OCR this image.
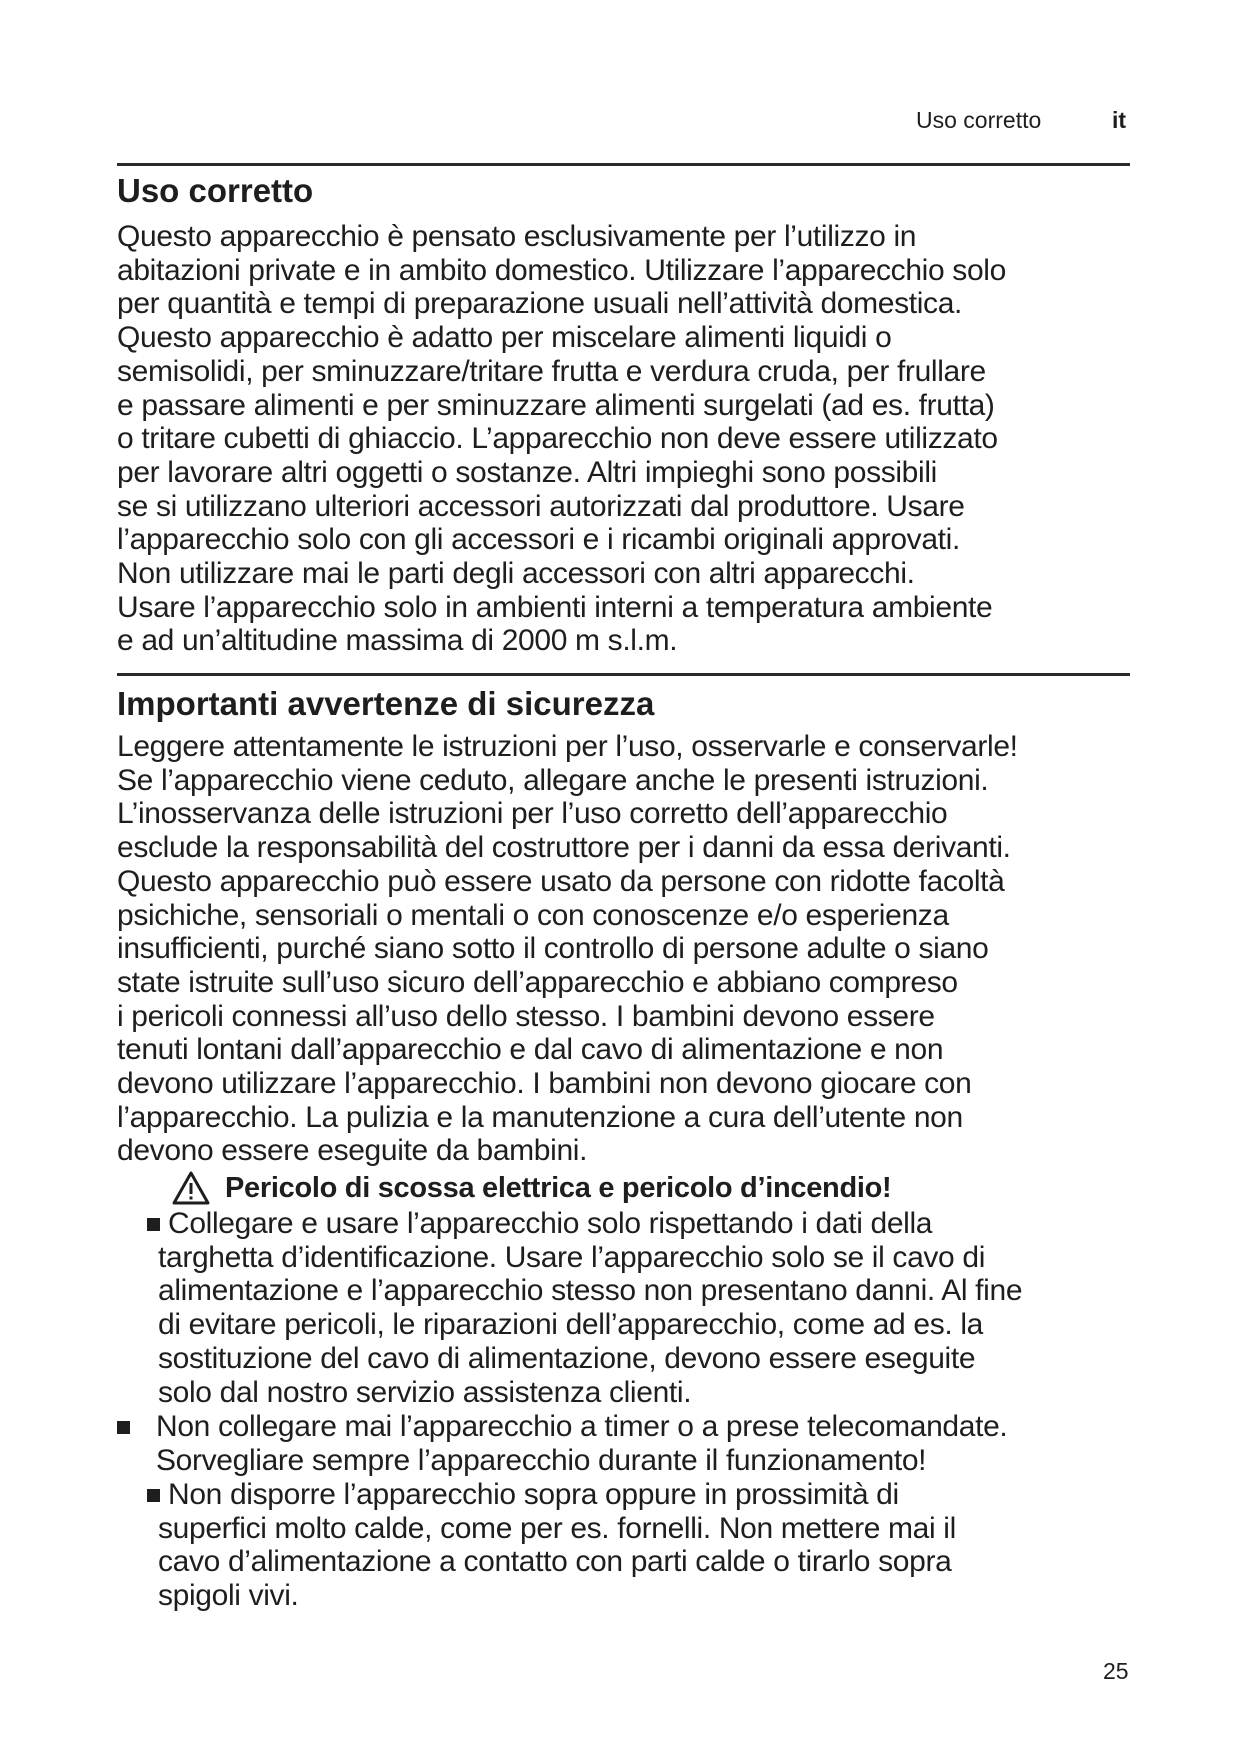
Uso corretto	it
Uso corretto
Questo apparecchio è pensato esclusivamente per l’utilizzo in
abitazioni private e in ambito domestico. Utilizzare l’apparecchio solo
per quantità e tempi di preparazione usuali nell’attività domestica.
Questo apparecchio è adatto per miscelare alimenti liquidi o
semisolidi, per sminuzzare/tritare frutta e verdura cruda, per frullare
e passare alimenti e per sminuzzare alimenti surgelati (ad es. frutta)
o tritare cubetti di ghiaccio. L’apparecchio non deve essere utilizzato
per lavorare altri oggetti o sostanze. Altri impieghi sono possibili
se si utilizzano ulteriori accessori autorizzati dal produttore. Usare
l’apparecchio solo con gli accessori e i ricambi originali approvati.
Non utilizzare mai le parti degli accessori con altri apparecchi.
Usare l’apparecchio solo in ambienti interni a temperatura ambiente
e ad un’altitudine massima di 2000 m s.l.m.
Importanti avvertenze di sicurezza
Leggere attentamente le istruzioni per l’uso, osservarle e conservarle!
Se l’apparecchio viene ceduto, allegare anche le presenti istruzioni.
L’inosservanza delle istruzioni per l’uso corretto dell’apparecchio
esclude la responsabilità del costruttore per i danni da essa derivanti.
Questo apparecchio può essere usato da persone con ridotte facoltà
psichiche, sensoriali o mentali o con conoscenze e/o esperienza
insufficienti, purché siano sotto il controllo di persone adulte o siano
state istruite sull’uso sicuro dell’apparecchio e abbiano compreso
i pericoli connessi all’uso dello stesso. I bambini devono essere
tenuti lontani dall’apparecchio e dal cavo di alimentazione e non
devono utilizzare l’apparecchio. I bambini non devono giocare con
l’apparecchio. La pulizia e la manutenzione a cura dell’utente non
devono essere eseguite da bambini.
Pericolo di scossa elettrica e pericolo d’incendio!
Collegare e usare l’apparecchio solo rispettando i dati della
targhetta d’identificazione. Usare l’apparecchio solo se il cavo di
alimentazione e l’apparecchio stesso non presentano danni. Al fine
di evitare pericoli, le riparazioni dell’apparecchio, come ad es. la
sostituzione del cavo di alimentazione, devono essere eseguite
solo dal nostro servizio assistenza clienti.
Non collegare mai l’apparecchio a timer o a prese telecomandate.
Sorvegliare sempre l’apparecchio durante il funzionamento!
Non disporre l’apparecchio sopra oppure in prossimità di
superfici molto calde, come per es. fornelli. Non mettere mai il
cavo d’alimentazione a contatto con parti calde o tirarlo sopra
spigoli vivi.
25
